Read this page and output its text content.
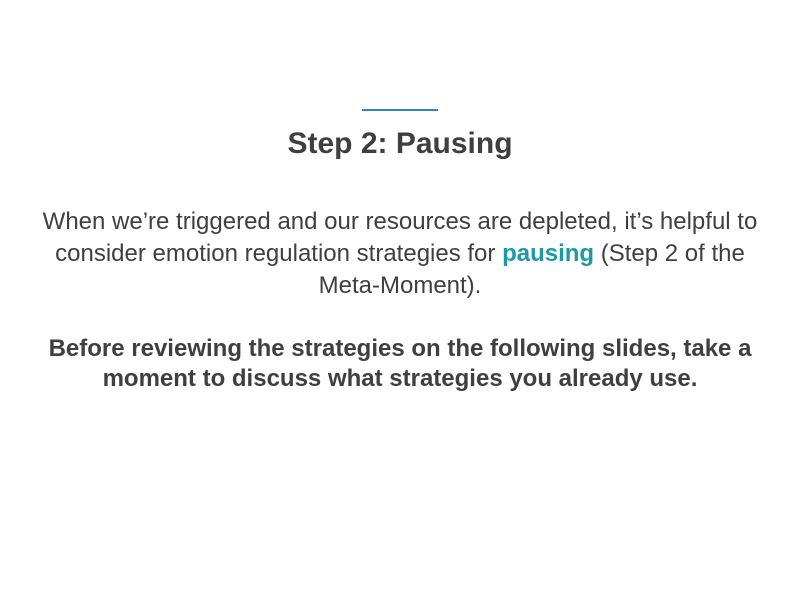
Step 2: Pausing
When we’re triggered and our resources are depleted, it’s helpful to consider emotion regulation strategies for pausing (Step 2 of the Meta-Moment).
Before reviewing the strategies on the following slides, take a moment to discuss what strategies you already use.
